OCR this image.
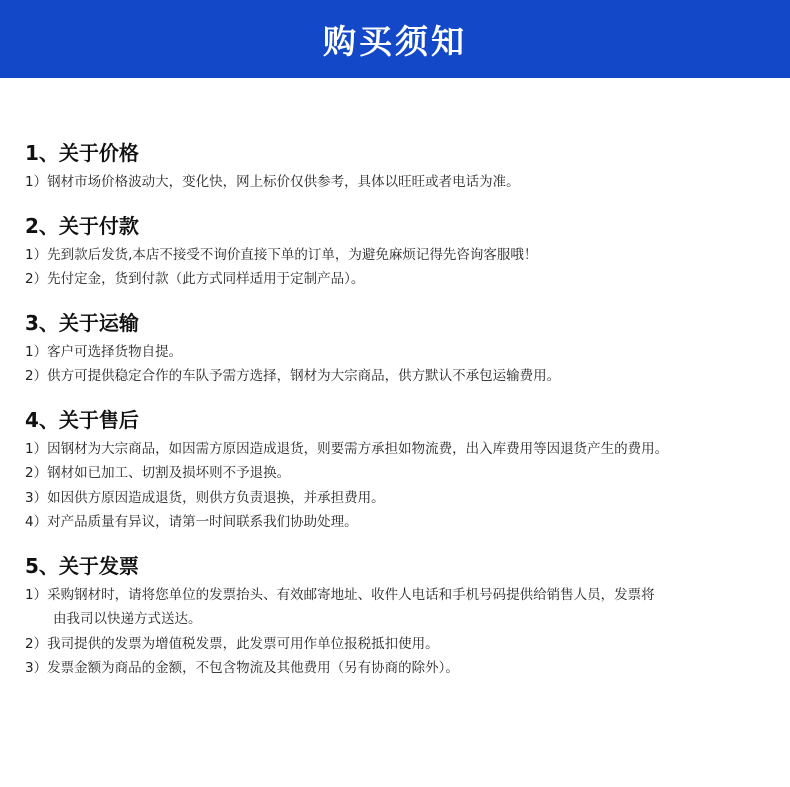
购买须知
1、关于价格
1）钢材市场价格波动大，变化快，网上标价仅供参考，具体以旺旺或者电话为准。
2、关于付款
1）先到款后发货,本店不接受不询价直接下单的订单，为避免麻烦记得先咨询客服哦！
2）先付定金，货到付款（此方式同样适用于定制产品）。
3、关于运输
1）客户可选择货物自提。
2）供方可提供稳定合作的车队予需方选择，钢材为大宗商品，供方默认不承包运输费用。
4、关于售后
1）因钢材为大宗商品，如因需方原因造成退货，则要需方承担如物流费，出入库费用等因退货产生的费用。
2）钢材如已加工、切割及损坏则不予退换。
3）如因供方原因造成退货，则供方负责退换，并承担费用。
4）对产品质量有异议，请第一时间联系我们协助处理。
5、关于发票
1）采购钢材时，请将您单位的发票抬头、有效邮寄地址、收件人电话和手机号码提供给销售人员，发票将
由我司以快递方式送达。
2）我司提供的发票为增值税发票，此发票可用作单位报税抵扣使用。
3）发票金额为商品的金额，不包含物流及其他费用（另有协商的除外）。
